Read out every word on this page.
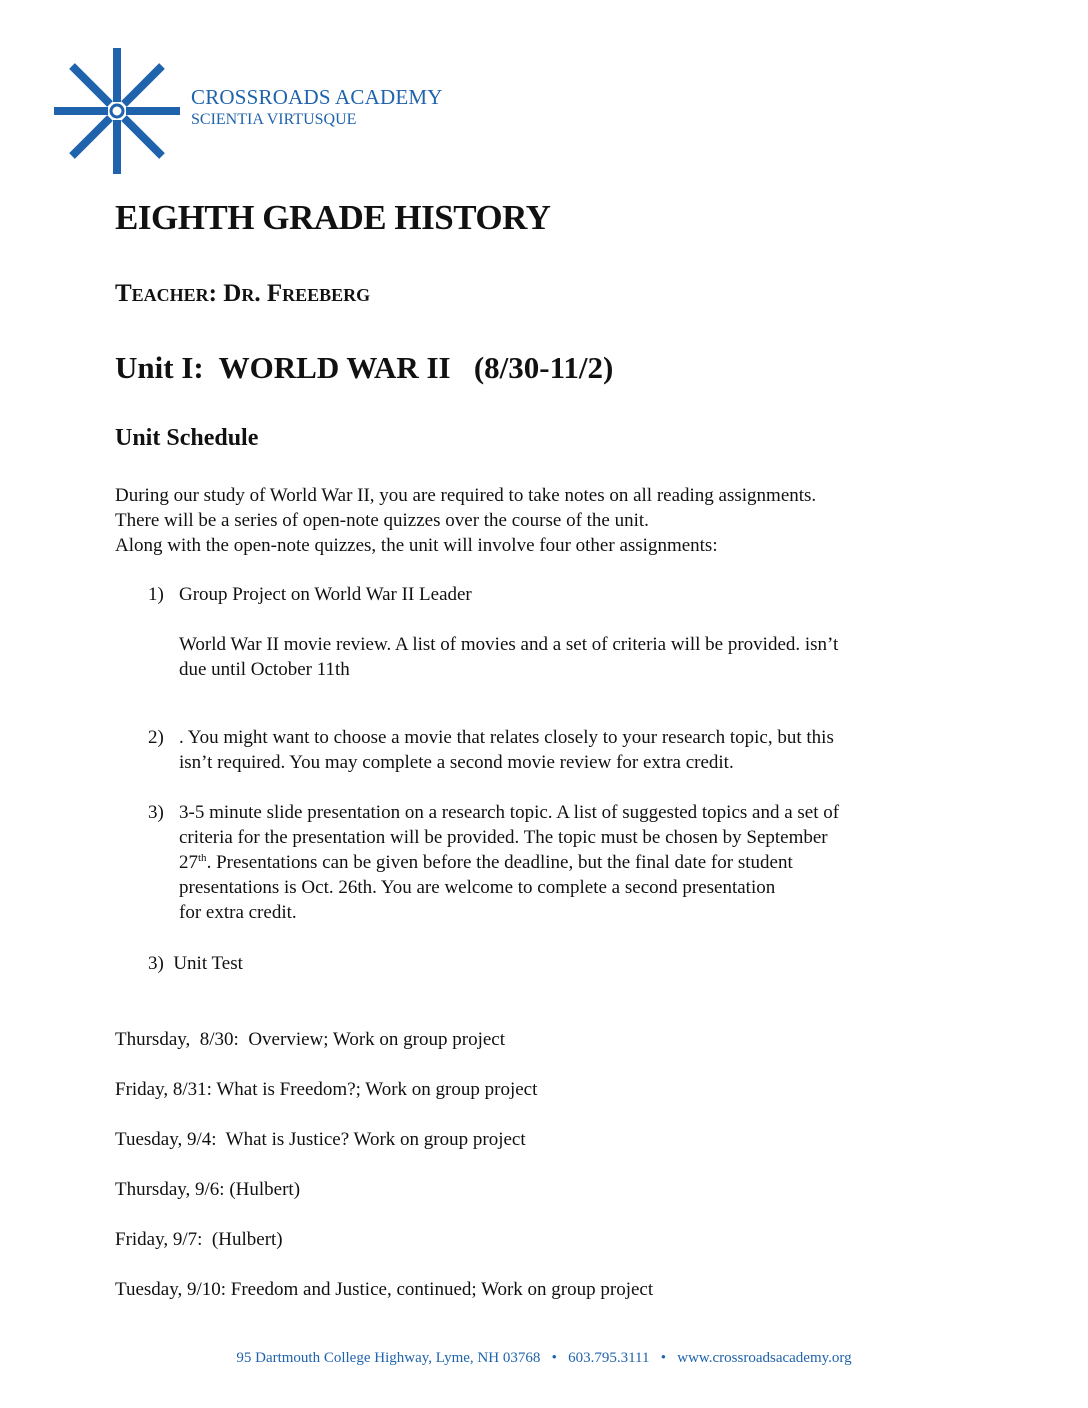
CROSSROADS ACADEMY
SCIENTIA VIRTUSQUE
EIGHTH GRADE HISTORY
Teacher: Dr. Freeberg
Unit I:  WORLD WAR II   (8/30-11/2)
Unit Schedule
During our study of World War II, you are required to take notes on all reading assignments.
There will be a series of open-note quizzes over the course of the unit.
Along with the open-note quizzes, the unit will involve four other assignments:
1) Group Project on World War II Leader
World War II movie review. A list of movies and a set of criteria will be provided. isn’t
due until October 11th
2) . You might want to choose a movie that relates closely to your research topic, but this
isn’t required. You may complete a second movie review for extra credit.
3) 3-5 minute slide presentation on a research topic. A list of suggested topics and a set of
criteria for the presentation will be provided. The topic must be chosen by September
27th. Presentations can be given before the deadline, but the final date for student
presentations is Oct. 26th. You are welcome to complete a second presentation
for extra credit.
3)  Unit Test
Thursday,  8/30:  Overview; Work on group project
Friday, 8/31: What is Freedom?; Work on group project
Tuesday, 9/4:  What is Justice? Work on group project
Thursday, 9/6: (Hulbert)
Friday, 9/7:  (Hulbert)
Tuesday, 9/10: Freedom and Justice, continued; Work on group project
95 Dartmouth College Highway, Lyme, NH 03768   •   603.795.3111   •   www.crossroadsacademy.org
